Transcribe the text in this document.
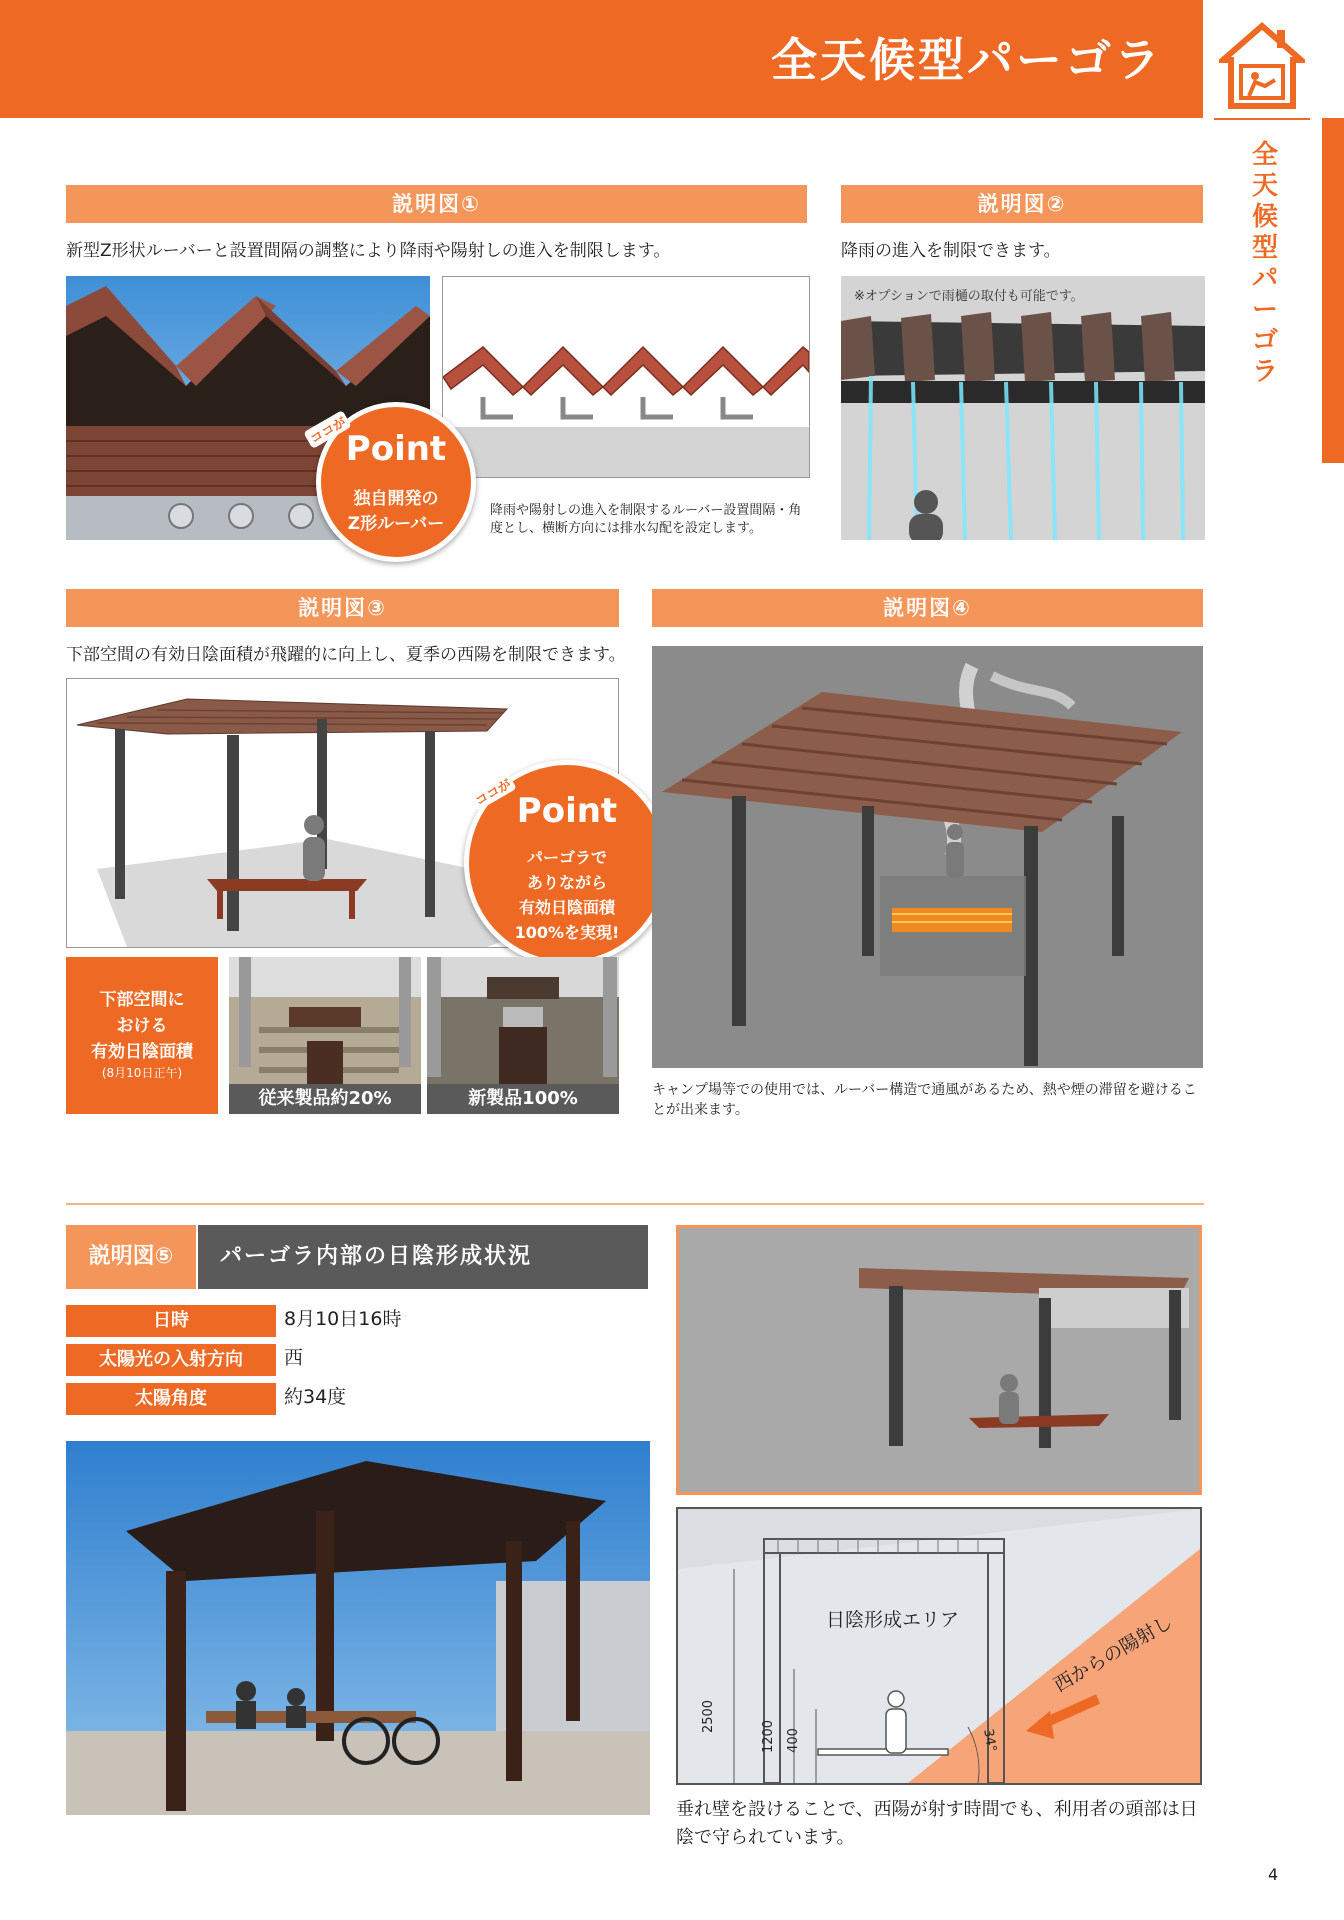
全天候型パーゴラ
全天候型パーゴラ
説明図①
新型Z形状ルーバーと設置間隔の調整により降雨や陽射しの進入を制限します。
降雨や陽射しの進入を制限するルーバー設置間隔・角度とし、横断方向には排水勾配を設定します。
Point
独自開発の
Z形ルーバー
ココが
説明図②
降雨の進入を制限できます。
※オプションで雨樋の取付も可能です。
説明図③
下部空間の有効日陰面積が飛躍的に向上し、夏季の西陽を制限できます。
Point
パーゴラで
ありながら
有効日陰面積
100%を実現!
ココが
下部空間に
おける
有効日陰面積
(8月10日正午)
従来製品約20%	新製品100%
説明図④
キャンプ場等での使用では、ルーバー構造で通風があるため、熱や煙の滞留を避けることが出来ます。
説明図⑤	パーゴラ内部の日陰形成状況
日時	8月10日16時
太陽光の入射方向	西
太陽角度	約34度
日陰形成エリア	西からの陽射し
34°
2500
1200 400
垂れ壁を設けることで、西陽が射す時間でも、利用者の頭部は日陰で守られています。
4
